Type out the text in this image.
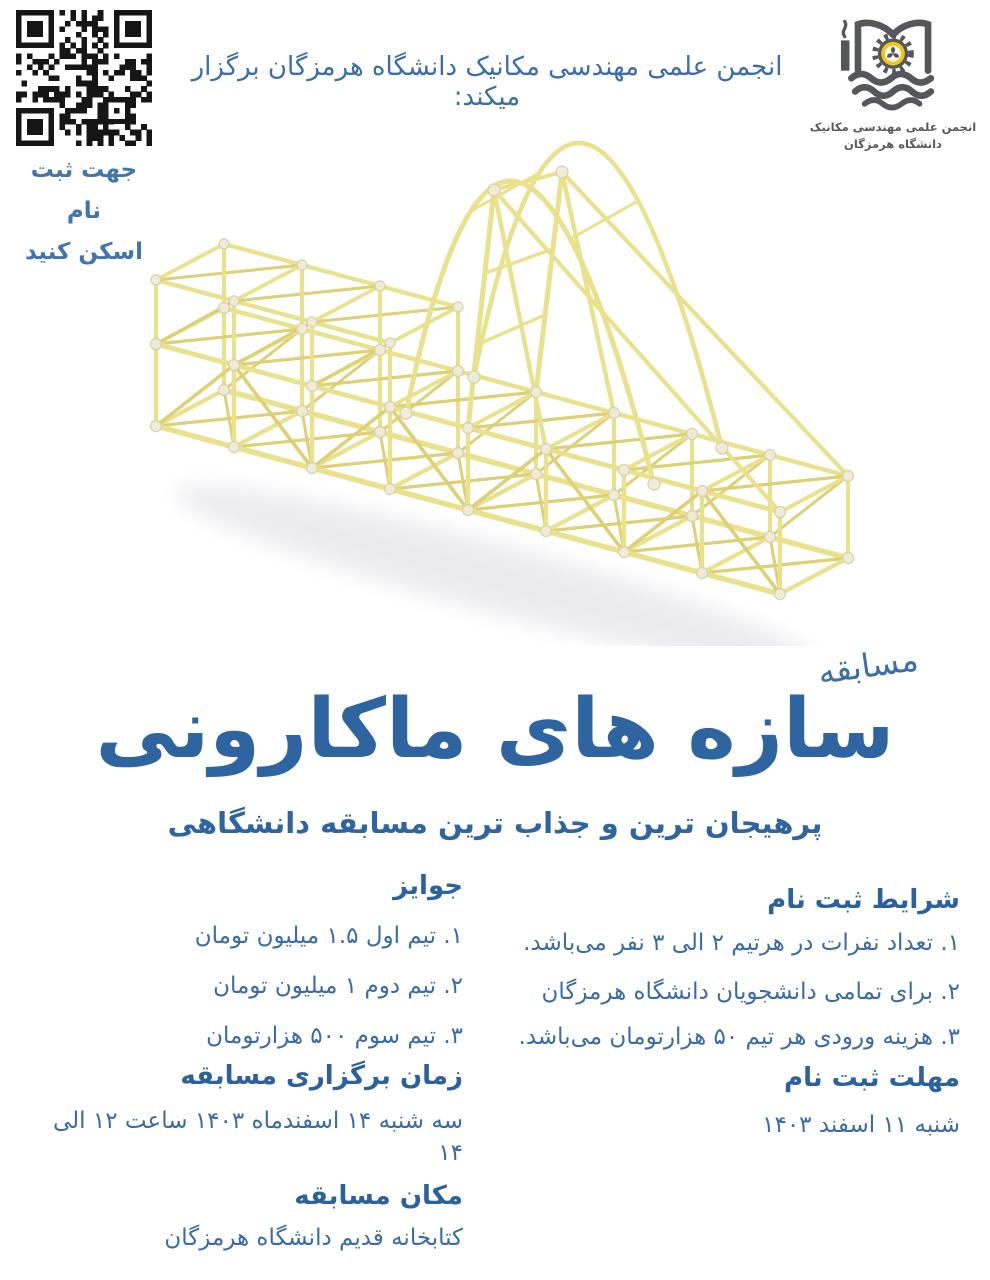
جهت ثبت نام
اسکن کنید
انجمن علمی مهندسی مکانیک دانشگاه هرمزگان برگزار میکند:
انجمن علمی مهندسی مکانیک
دانشگاه هرمزگان
مسابقه
سازه های ماکارونی
پرهیجان ترین و جذاب ترین مسابقه دانشگاهی
جوایز
۱. تیم اول ۱.۵ میلیون تومان
۲. تیم دوم ۱ میلیون تومان
۳. تیم سوم ۵۰۰ هزارتومان
زمان برگزاری مسابقه
سه شنبه ۱۴ اسفندماه ۱۴۰۳ ساعت ۱۲ الی ۱۴
مکان مسابقه
کتابخانه قدیم دانشگاه هرمزگان
شرایط ثبت نام
۱. تعداد نفرات در هرتیم ۲ الی ۳ نفر می‌باشد.
۲. برای تمامی دانشجویان دانشگاه هرمزگان
۳. هزینه ورودی هر تیم ۵۰ هزارتومان می‌باشد.
مهلت ثبت نام
شنبه ۱۱ اسفند ۱۴۰۳
